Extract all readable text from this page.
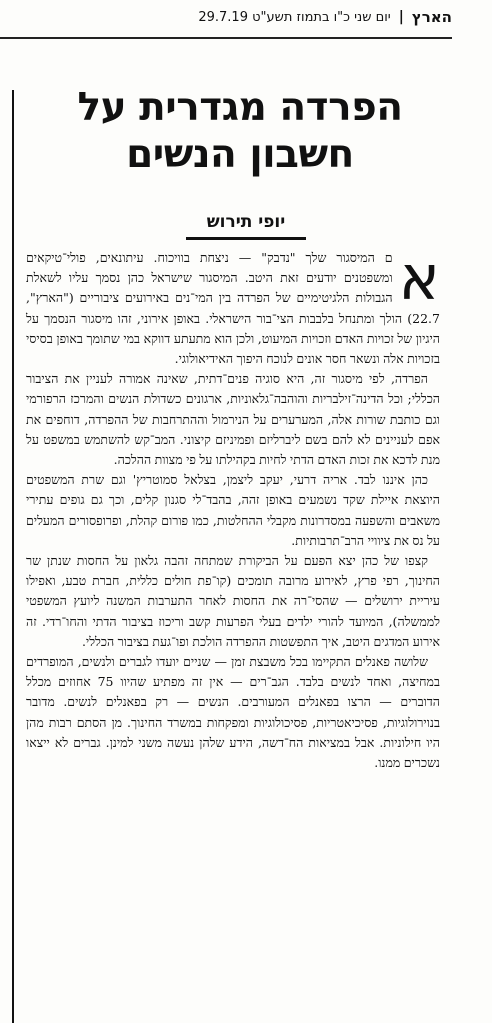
הארץ
|
יום שני כ"ו בתמוז תשע"ט 29.7.19
הפרדה מגדרית על
חשבון הנשים
יופי תירוש

א
ם המיסגור שלך "נדבק" — ניצחת בוויכוח. עיתונאים, פולי־טיקאים ומשפטנים יודעים זאת היטב. המיסגור שישראל כהן נסמך עליו לשאלת הגבולות הלגיטימיים של הפרדה בין המי־נים באירועים ציבוריים ("הארץ", 22.7) הולך ומתנחל בלבבות הצי־בור הישראלי. באופן אירוני, זהו מיסגור הנסמך על היגיון של זכויות האדם וזכויות המיעוט, ולכן הוא מתעתע דווקא במי שתומך באופן בסיסי בזכויות אלה ונשאר חסר אונים לנוכח היפוך האידיאולוגי.

הפרדה, לפי מיסגור זה, היא סוגיה פנים־דתית, שאינה אמורה לעניין את הציבור הכללי; וכל הדינה־זילבריות והוהבה־גלאוניות, ארגונים כשדולת הנשים והמרכז הרפורמי וגם כותבת שורות אלה, המערערים על הנירמול וההתרחבות של ההפרדה, דוחפים את אפם לעניינים לא להם בשם ליברליזם ופמיניזם קיצוני. המב־קש להשתמש במשפט על מנת לדכא את זכות האדם הדתי לחיות בקהילתו על פי מצוות ההלכה.

כהן איננו לבד. אריה דרעי, יעקב ליצמן, בצלאל סמוטריץ' וגם שרת המשפטים היוצאת איילת שקד נשמעים באופן זהה, בהבד־לי סגנון קלים, וכך גם גופים עתירי משאבים והשפעה במסדרונות מקבלי ההחלטות, כמו פורום קהלת, ופרופסורים המעלים על נס את ציוויי הרב־תרבותיות.

קצפו של כהן יצא הפעם על הביקורת שמתחה זהבה גלאון על החסות שנתן שר החינוך, רפי פרץ, לאירוע מרובה תומכים (קו־פת חולים כללית, חברת טבע, ואפילו עיריית ירושלים — שהסי־רה את החסות לאחר התערבות המשנה ליועץ המשפטי לממשלה), המיועד להורי ילדים בעלי הפרעות קשב וריכוז בציבור הדתי והחו־רדי. זה אירוע המדגים היטב, איך התפשטות ההפרדה הולכת ופו־געת בציבור הכללי.

שלושה פאנלים התקיימו בכל משבצת זמן — שניים יועדו לגברים ולנשים, המופרדים במחיצה, ואחד לנשים בלבד. הגב־רים — אין זה מפתיע שהיוו 75 אחוזים מכלל הדוברים — הרצו בפאנלים המעורבים. הנשים — רק בפאנלים לנשים. מדובר בנוירולוגיות, פסיכיאטריות, פסיכולוגיות ומפקחות במשרד החינוך. מן הסתם רבות מהן היו חילוניות. אבל במציאות הח־דשה, הידע שלהן נעשה משני למינן. גברים לא ייצאו נשכרים ממנו.
